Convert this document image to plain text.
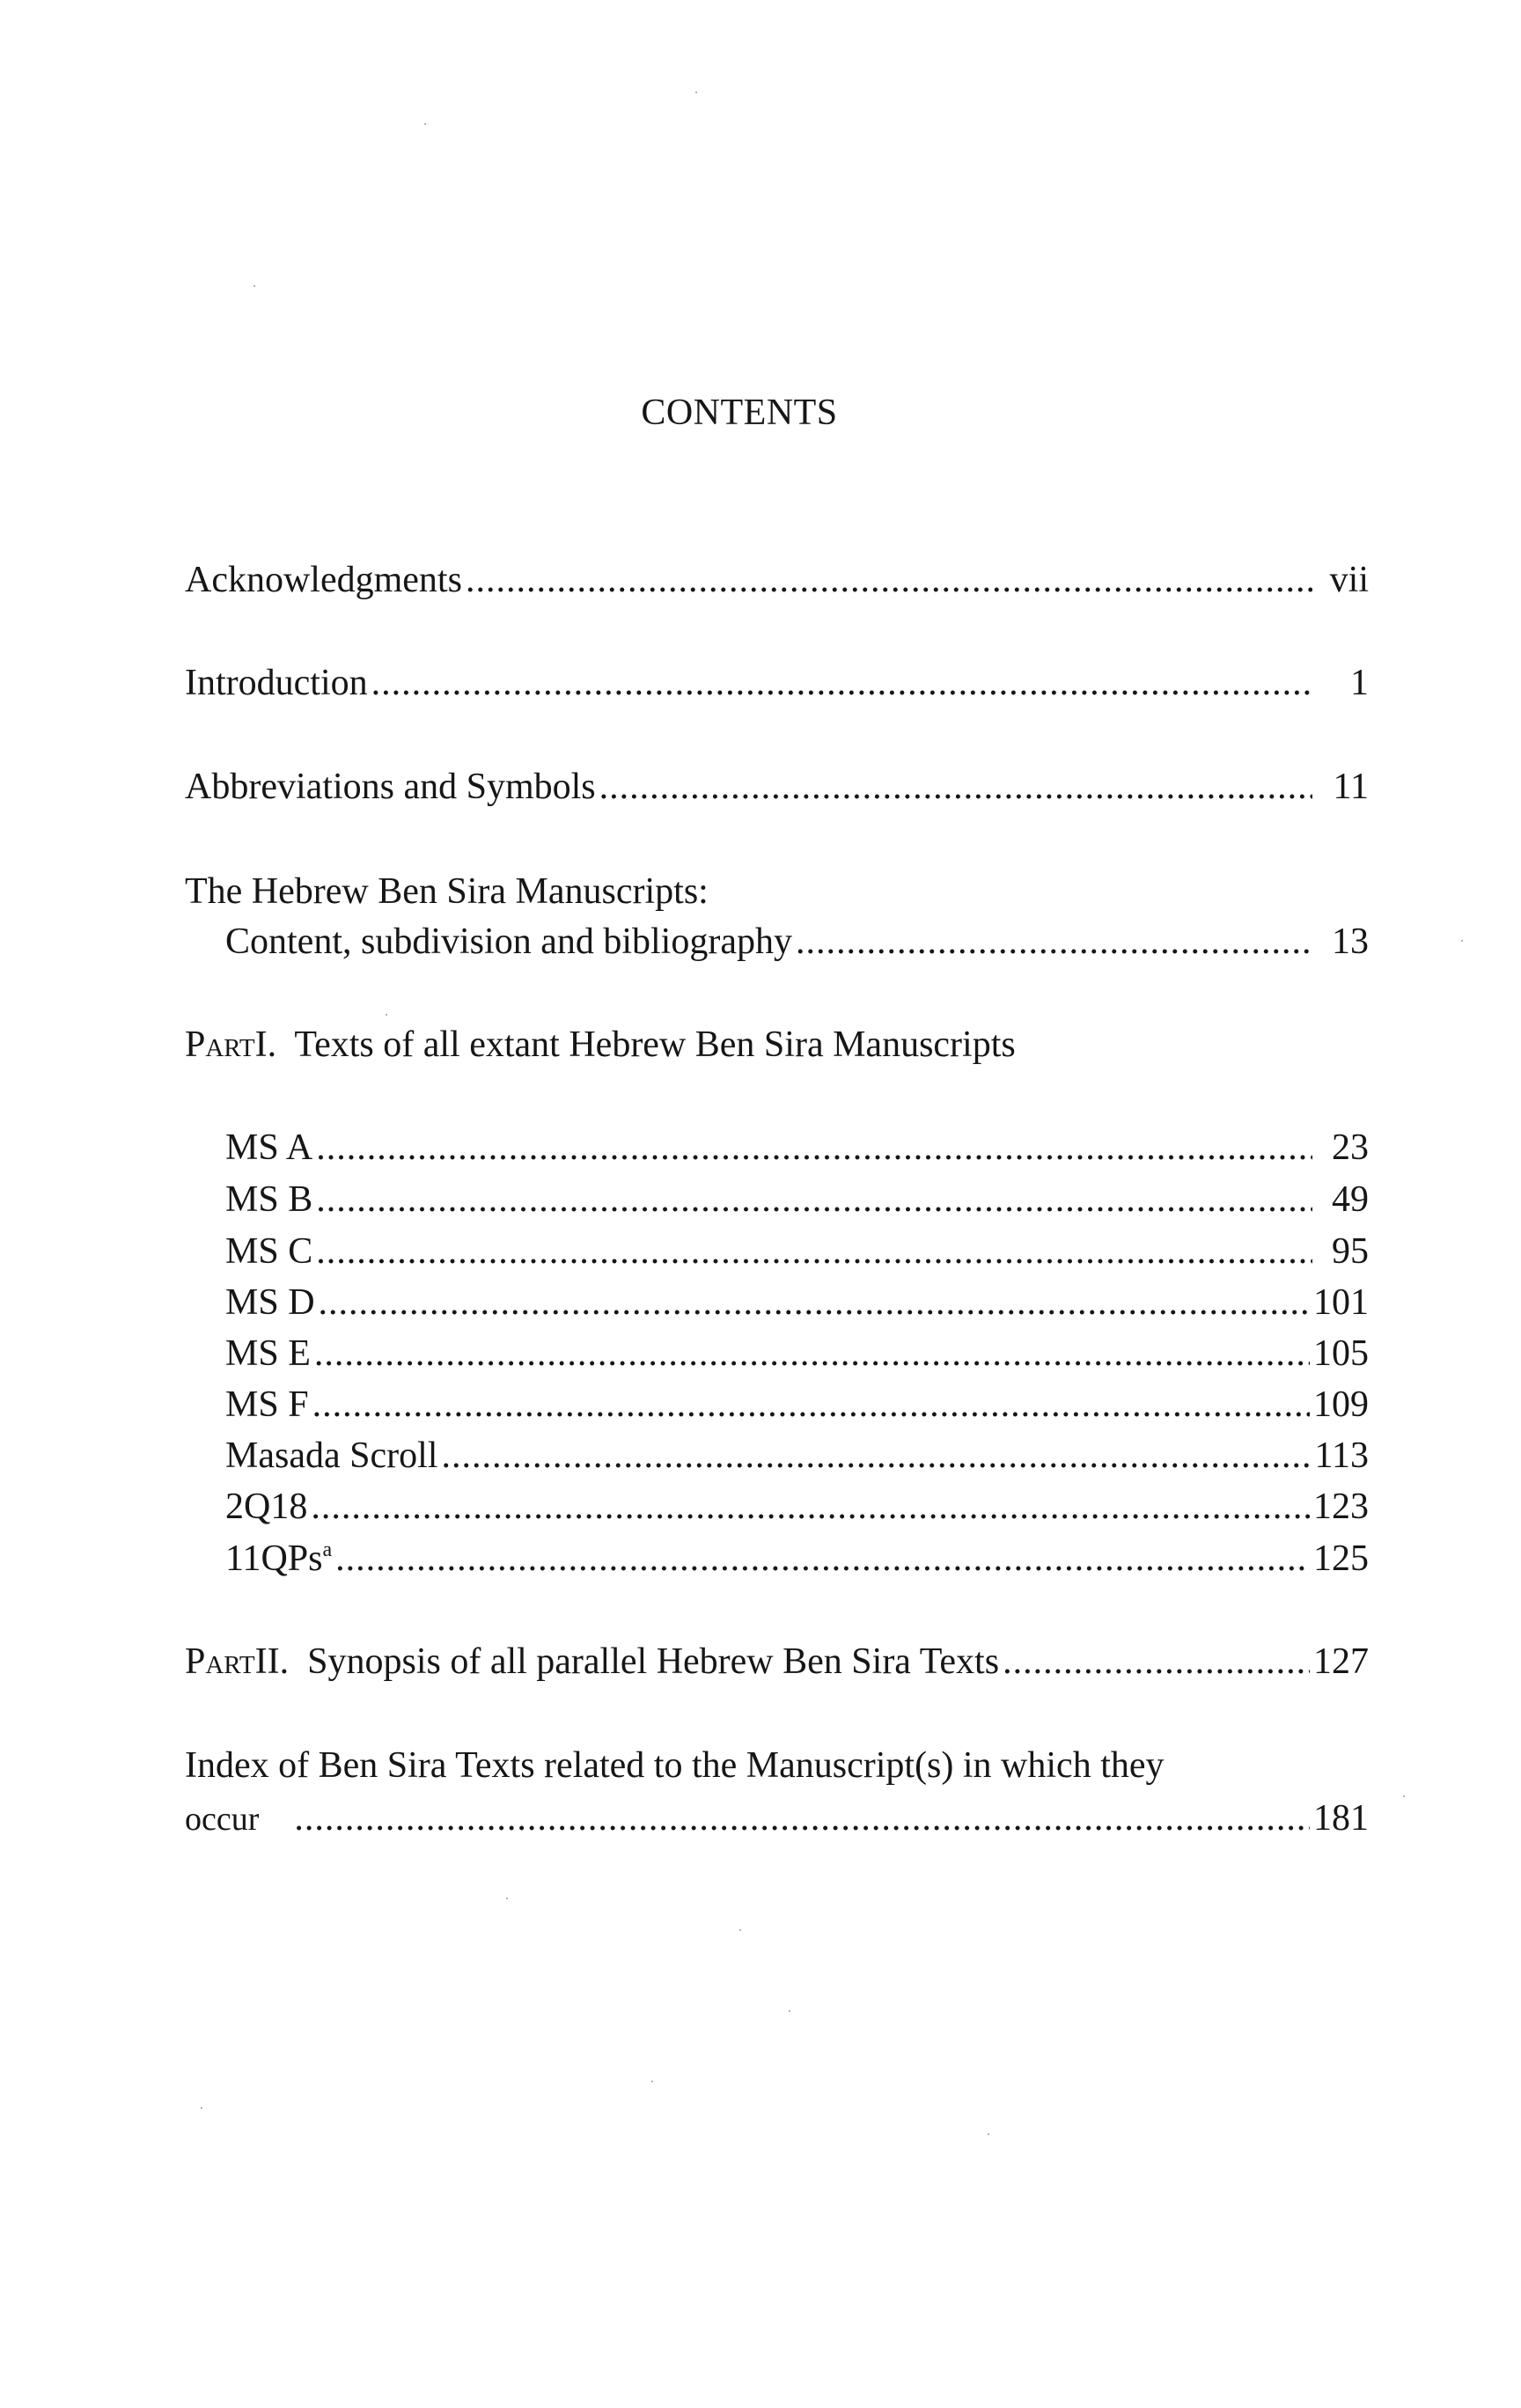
CONTENTS
Acknowledgments .....	vii
Introduction .....	1
Abbreviations and Symbols .....	11
The Hebrew Ben Sira Manuscripts:
Content, subdivision and bibliography .....	13
PartI. Texts of all extant Hebrew Ben Sira Manuscripts
MS A .....	23
MS B .....	49
MS C .....	95
MS D .....	101
MS E .....	105
MS F .....	109
Masada Scroll .....	113
2Q18 .....	123
11QPs$^a$ .....	125
PartII. Synopsis of all parallel Hebrew Ben Sira Texts .....	127
Index of Ben Sira Texts related to the Manuscript(s) in which they
occur .....	181
